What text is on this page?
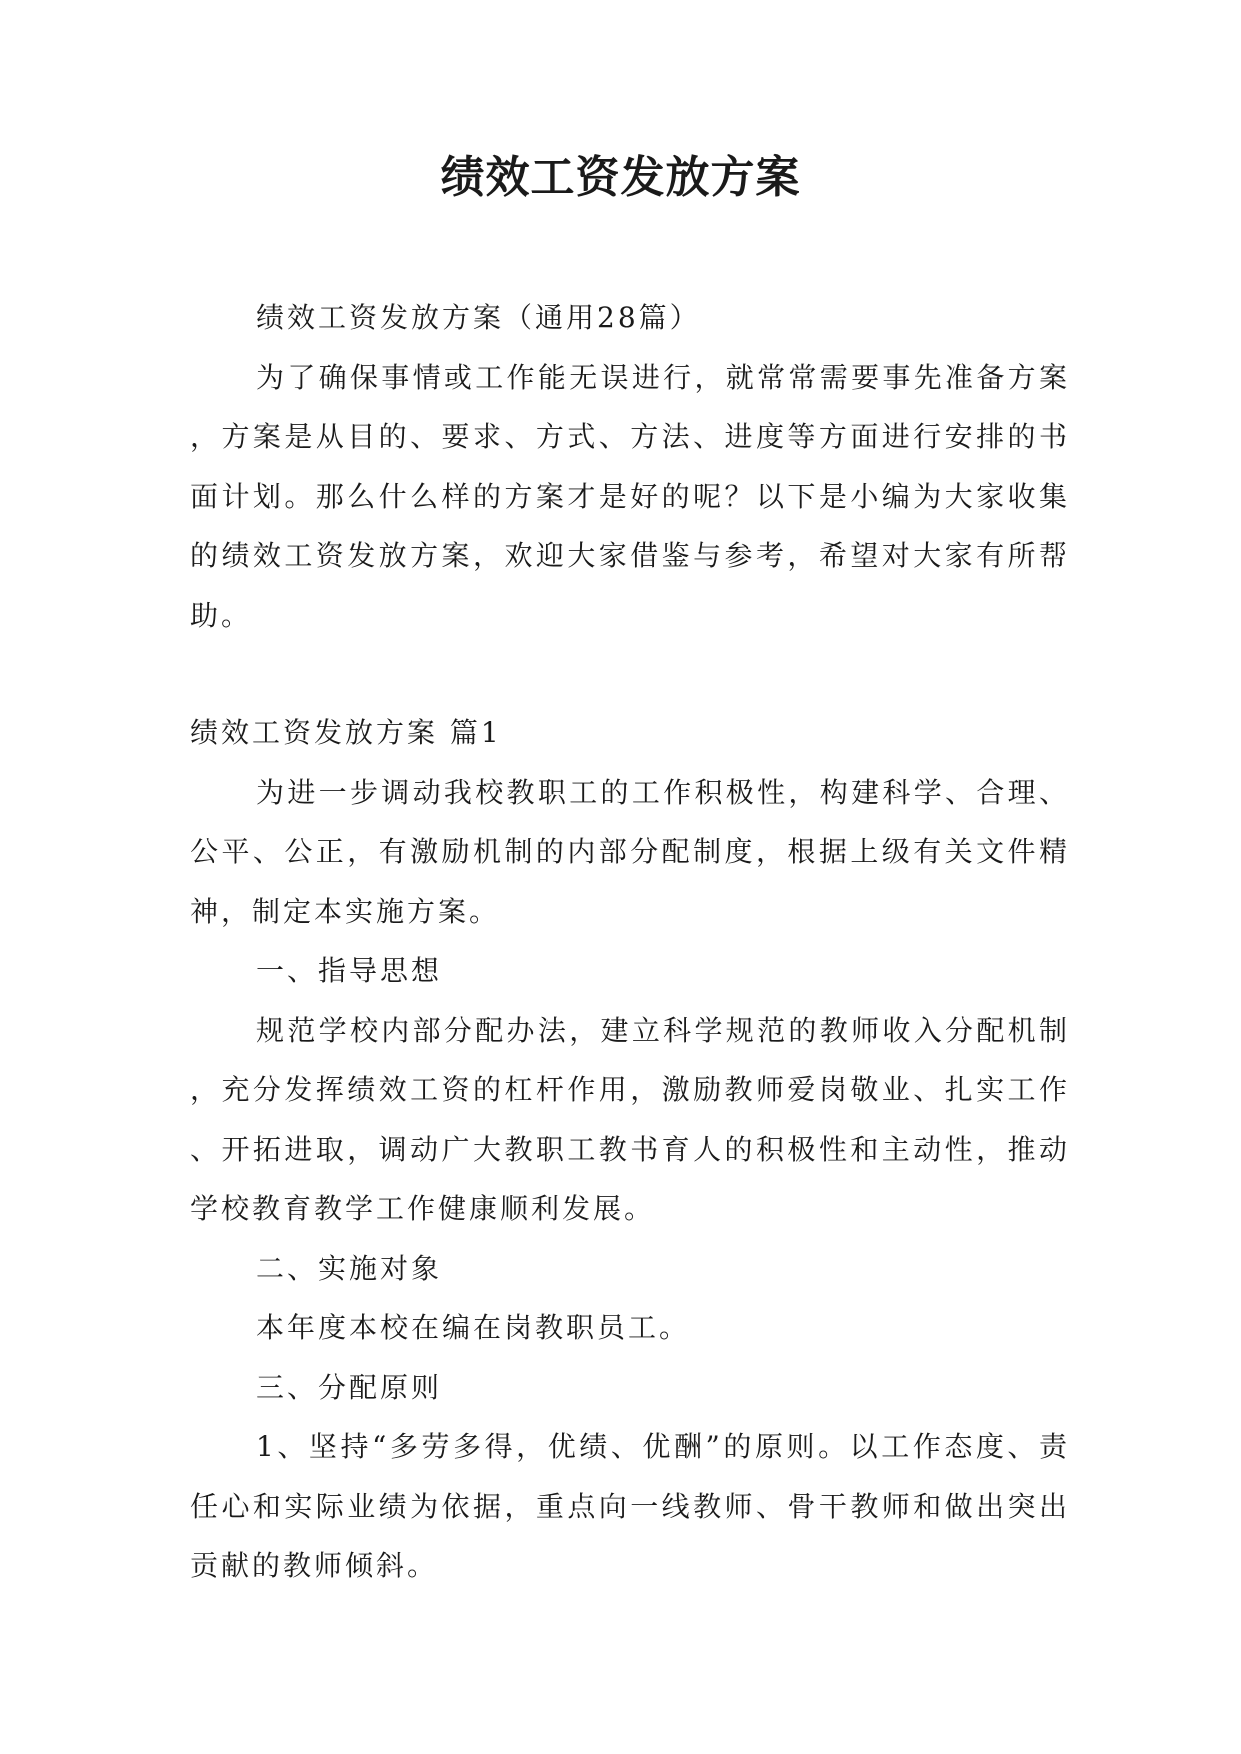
绩效工资发放方案

绩效工资发放方案（通用28篇）

为了确保事情或工作能无误进行，就常常需要事先准备方案，方案是从目的、要求、方式、方法、进度等方面进行安排的书面计划。那么什么样的方案才是好的呢？以下是小编为大家收集的绩效工资发放方案，欢迎大家借鉴与参考，希望对大家有所帮助。

绩效工资发放方案 篇1

为进一步调动我校教职工的工作积极性，构建科学、合理、公平、公正，有激励机制的内部分配制度，根据上级有关文件精神，制定本实施方案。

一、指导思想

规范学校内部分配办法，建立科学规范的教师收入分配机制，充分发挥绩效工资的杠杆作用，激励教师爱岗敬业、扎实工作、开拓进取，调动广大教职工教书育人的积极性和主动性，推动学校教育教学工作健康顺利发展。

二、实施对象

本年度本校在编在岗教职员工。

三、分配原则

1、坚持“多劳多得，优绩、优酬”的原则。以工作态度、责任心和实际业绩为依据，重点向一线教师、骨干教师和做出突出贡献的教师倾斜。
